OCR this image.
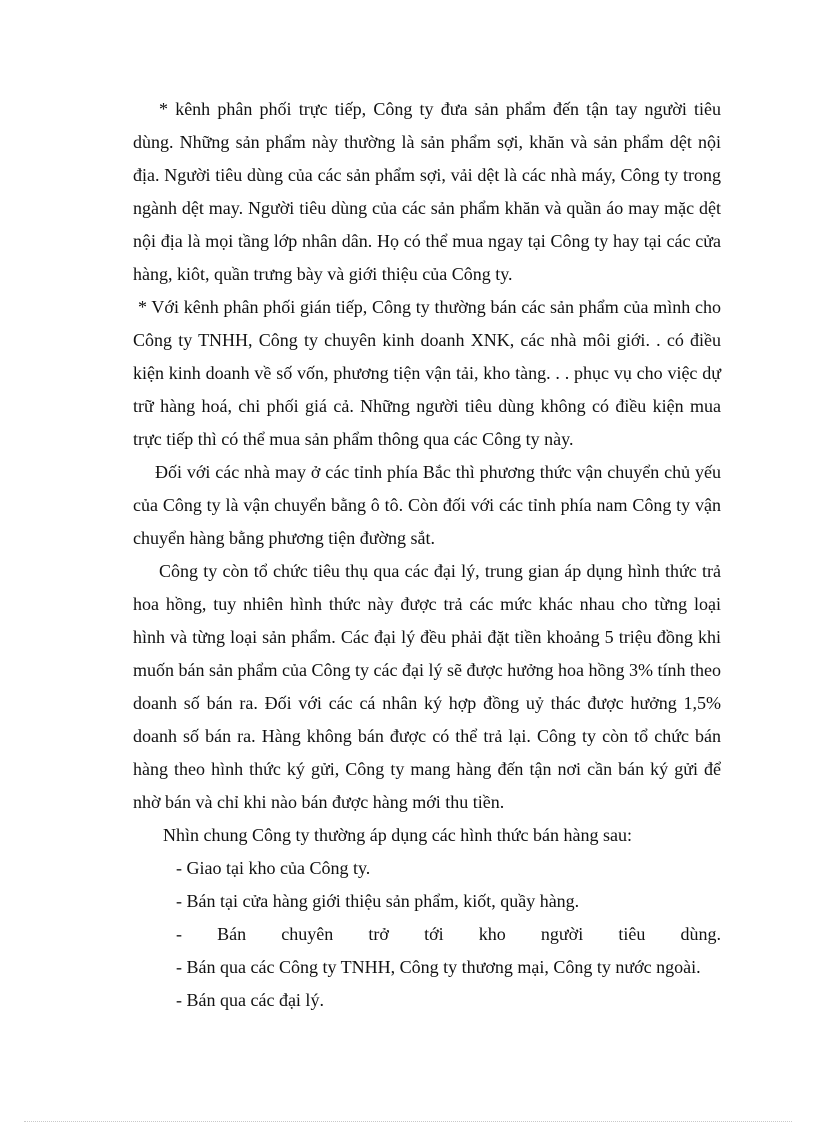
* kênh phân phối trực tiếp, Công ty đưa sản phẩm đến tận tay người tiêu dùng. Những sản phẩm này thường là sản phẩm sợi, khăn và sản phẩm dệt nội địa. Người tiêu dùng của các sản phẩm sợi, vải dệt là các nhà máy, Công ty trong ngành dệt may. Người tiêu dùng của các sản phẩm khăn và quần áo may mặc dệt nội địa là mọi tầng lớp nhân dân. Họ có thể mua ngay tại Công ty hay tại các cửa hàng, kiôt, quần trưng bày và giới thiệu của Công ty.

* Với kênh phân phối gián tiếp, Công ty thường bán các sản phẩm của mình cho Công ty TNHH, Công ty chuyên kinh doanh XNK, các nhà môi giới. . có điều kiện kinh doanh về số vốn, phương tiện vận tải, kho tàng. . . phục vụ cho việc dự trữ hàng hoá, chi phối giá cả. Những người tiêu dùng không có điều kiện mua trực tiếp thì có thể mua sản phẩm thông qua các Công ty này.

Đối với các nhà may ở các tỉnh phía Bắc thì phương thức vận chuyển chủ yếu của Công ty là vận chuyển bằng ô tô. Còn đối với các tỉnh phía nam Công ty vận chuyển hàng bằng phương tiện đường sắt.

Công ty còn tổ chức tiêu thụ qua các đại lý, trung gian áp dụng hình thức trả hoa hồng, tuy nhiên hình thức này được trả các mức khác nhau cho từng loại hình và từng loại sản phẩm. Các đại lý đều phải đặt tiền khoảng 5 triệu đồng khi muốn bán sản phẩm của Công ty các đại lý sẽ được hưởng hoa hồng 3% tính theo doanh số bán ra. Đối với các cá nhân ký hợp đồng uỷ thác được hưởng 1,5% doanh số bán ra. Hàng không bán được có thể trả lại. Công ty còn tổ chức bán hàng theo hình thức ký gửi, Công ty mang hàng đến tận nơi cần bán ký gửi để nhờ bán và chỉ khi nào bán được hàng mới thu tiền.

Nhìn chung Công ty thường áp dụng các hình thức bán hàng sau:

- Giao tại kho của Công ty.

- Bán tại cửa hàng giới thiệu sản phẩm, kiốt, quầy hàng.

- Bán chuyên trở tới kho người tiêu dùng.

- Bán qua các Công ty TNHH, Công ty thương mại, Công ty nước ngoài.

- Bán qua các đại lý.
